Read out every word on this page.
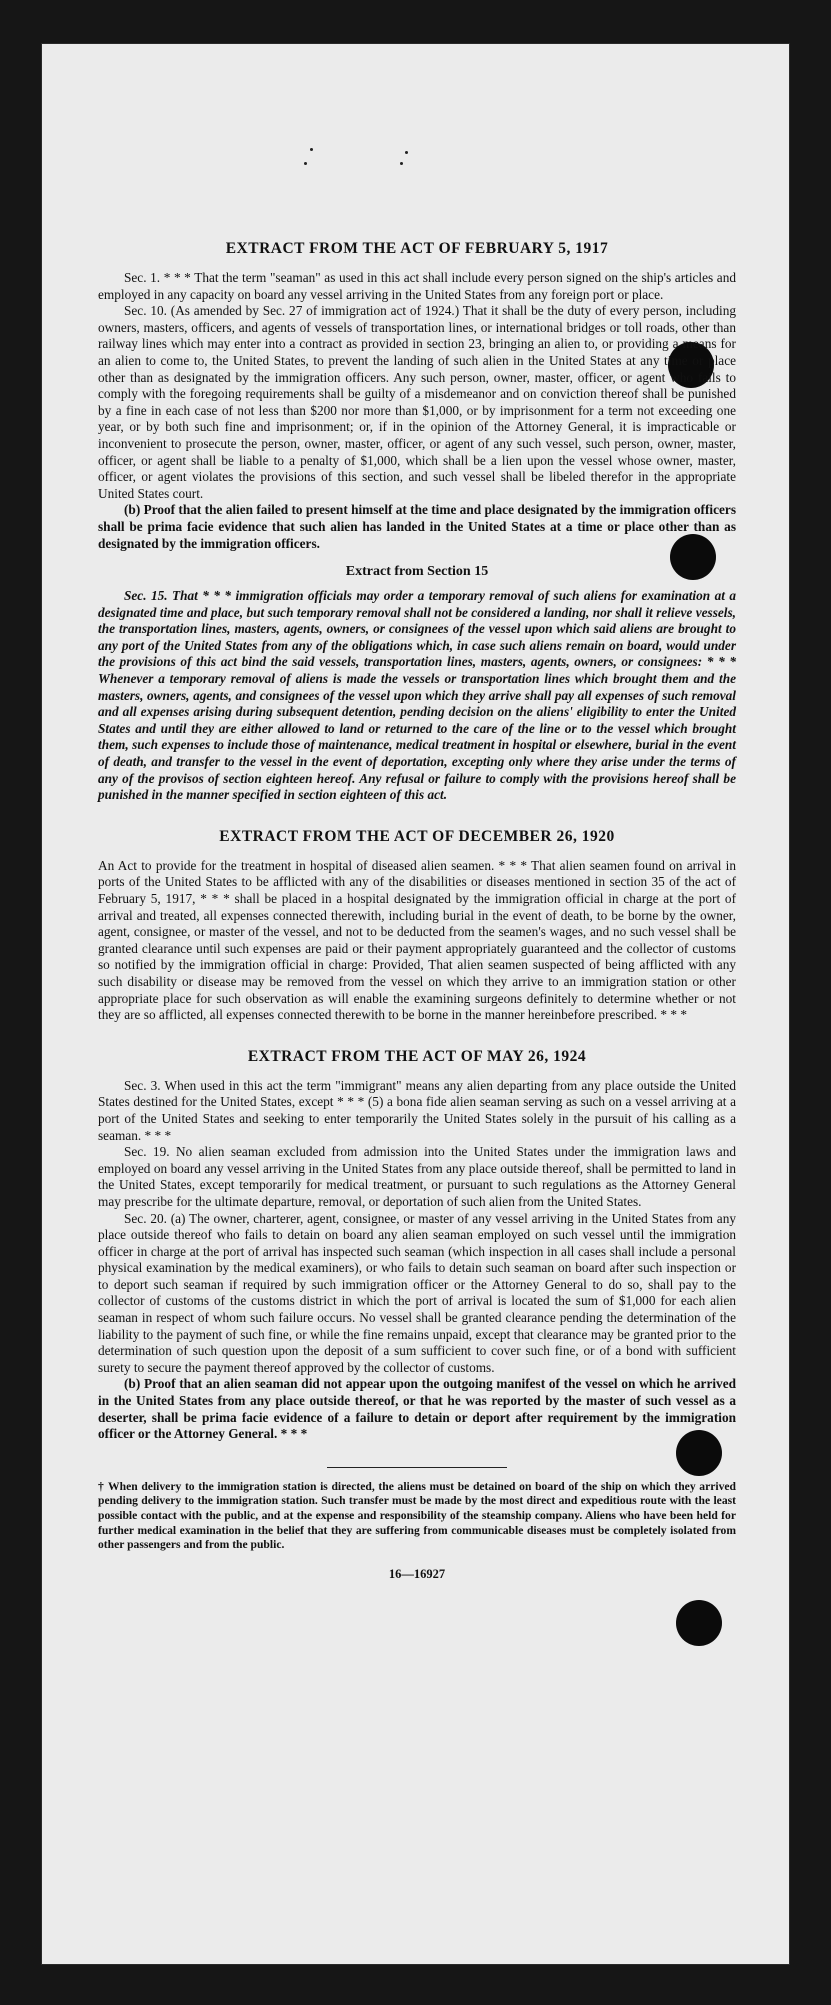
EXTRACT FROM THE ACT OF FEBRUARY 5, 1917

Sec. 1. * * * That the term "seaman" as used in this act shall include every person signed on the ship's articles and employed in any capacity on board any vessel arriving in the United States from any foreign port or place.

Sec. 10. (As amended by Sec. 27 of immigration act of 1924.) That it shall be the duty of every person, including owners, masters, officers, and agents of vessels of transportation lines, or international bridges or toll roads, other than railway lines which may enter into a contract as provided in section 23, bringing an alien to, or providing a means for an alien to come to, the United States, to prevent the landing of such alien in the United States at any time or place other than as designated by the immigration officers. Any such person, owner, master, officer, or agent who fails to comply with the foregoing requirements shall be guilty of a misdemeanor and on conviction thereof shall be punished by a fine in each case of not less than $200 nor more than $1,000, or by imprisonment for a term not exceeding one year, or by both such fine and imprisonment; or, if in the opinion of the Attorney General, it is impracticable or inconvenient to prosecute the person, owner, master, officer, or agent of any such vessel, such person, owner, master, officer, or agent shall be liable to a penalty of $1,000, which shall be a lien upon the vessel whose owner, master, officer, or agent violates the provisions of this section, and such vessel shall be libeled therefor in the appropriate United States court.

(b) Proof that the alien failed to present himself at the time and place designated by the immigration officers shall be prima facie evidence that such alien has landed in the United States at a time or place other than as designated by the immigration officers.

Extract from Section 15

Sec. 15. That * * * immigration officials may order a temporary removal of such aliens for examination at a designated time and place, but such temporary removal shall not be considered a landing, nor shall it relieve vessels, the transportation lines, masters, agents, owners, or consignees of the vessel upon which said aliens are brought to any port of the United States from any of the obligations which, in case such aliens remain on board, would under the provisions of this act bind the said vessels, transportation lines, masters, agents, owners, or consignees: * * * Whenever a temporary removal of aliens is made the vessels or transportation lines which brought them and the masters, owners, agents, and consignees of the vessel upon which they arrive shall pay all expenses of such removal and all expenses arising during subsequent detention, pending decision on the aliens' eligibility to enter the United States and until they are either allowed to land or returned to the care of the line or to the vessel which brought them, such expenses to include those of maintenance, medical treatment in hospital or elsewhere, burial in the event of death, and transfer to the vessel in the event of deportation, excepting only where they arise under the terms of any of the provisos of section eighteen hereof. Any refusal or failure to comply with the provisions hereof shall be punished in the manner specified in section eighteen of this act.

EXTRACT FROM THE ACT OF DECEMBER 26, 1920

An Act to provide for the treatment in hospital of diseased alien seamen. * * * That alien seamen found on arrival in ports of the United States to be afflicted with any of the disabilities or diseases mentioned in section 35 of the act of February 5, 1917, * * * shall be placed in a hospital designated by the immigration official in charge at the port of arrival and treated, all expenses connected therewith, including burial in the event of death, to be borne by the owner, agent, consignee, or master of the vessel, and not to be deducted from the seamen's wages, and no such vessel shall be granted clearance until such expenses are paid or their payment appropriately guaranteed and the collector of customs so notified by the immigration official in charge: Provided, That alien seamen suspected of being afflicted with any such disability or disease may be removed from the vessel on which they arrive to an immigration station or other appropriate place for such observation as will enable the examining surgeons definitely to determine whether or not they are so afflicted, all expenses connected therewith to be borne in the manner hereinbefore prescribed. * * *

EXTRACT FROM THE ACT OF MAY 26, 1924

Sec. 3. When used in this act the term "immigrant" means any alien departing from any place outside the United States destined for the United States, except * * * (5) a bona fide alien seaman serving as such on a vessel arriving at a port of the United States and seeking to enter temporarily the United States solely in the pursuit of his calling as a seaman. * * *

Sec. 19. No alien seaman excluded from admission into the United States under the immigration laws and employed on board any vessel arriving in the United States from any place outside thereof, shall be permitted to land in the United States, except temporarily for medical treatment, or pursuant to such regulations as the Attorney General may prescribe for the ultimate departure, removal, or deportation of such alien from the United States.

Sec. 20. (a) The owner, charterer, agent, consignee, or master of any vessel arriving in the United States from any place outside thereof who fails to detain on board any alien seaman employed on such vessel until the immigration officer in charge at the port of arrival has inspected such seaman (which inspection in all cases shall include a personal physical examination by the medical examiners), or who fails to detain such seaman on board after such inspection or to deport such seaman if required by such immigration officer or the Attorney General to do so, shall pay to the collector of customs of the customs district in which the port of arrival is located the sum of $1,000 for each alien seaman in respect of whom such failure occurs. No vessel shall be granted clearance pending the determination of the liability to the payment of such fine, or while the fine remains unpaid, except that clearance may be granted prior to the determination of such question upon the deposit of a sum sufficient to cover such fine, or of a bond with sufficient surety to secure the payment thereof approved by the collector of customs.

(b) Proof that an alien seaman did not appear upon the outgoing manifest of the vessel on which he arrived in the United States from any place outside thereof, or that he was reported by the master of such vessel as a deserter, shall be prima facie evidence of a failure to detain or deport after requirement by the immigration officer or the Attorney General. * * *

† When delivery to the immigration station is directed, the aliens must be detained on board of the ship on which they arrived pending delivery to the immigration station. Such transfer must be made by the most direct and expeditious route with the least possible contact with the public, and at the expense and responsibility of the steamship company. Aliens who have been held for further medical examination in the belief that they are suffering from communicable diseases must be completely isolated from other passengers and from the public.
16—16927
